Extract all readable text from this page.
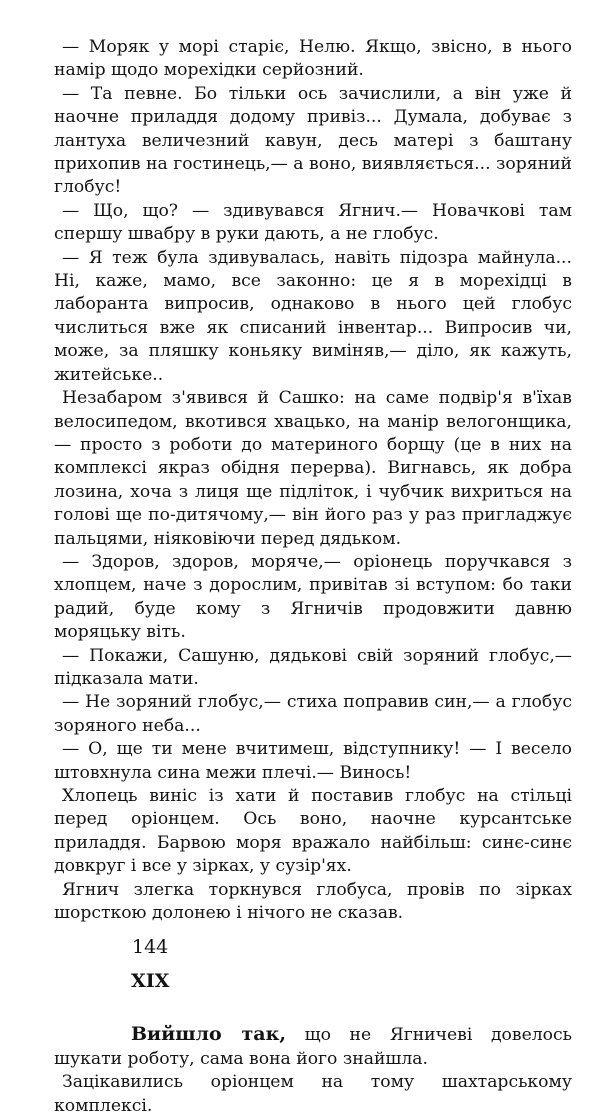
— Моряк у морі старіє, Нелю. Якщо, звісно, в нього намір щодо морехідки серйозний.

— Та певне. Бо тільки ось зачислили, а він уже й наочне приладдя додому привіз... Думала, добуває з лантуха величезний кавун, десь матері з баштану прихопив на гостинець,— а воно, виявляється... зоряний глобус!

— Що, що? — здивувався Ягнич.— Новачкові там спершу швабру в руки дають, а не глобус.

— Я теж була здивувалась, навіть підозра майнула... Ні, каже, мамо, все законно: це я в морехідці в лаборанта випросив, однаково в нього цей глобус числиться вже як списаний інвентар... Випросив чи, може, за пляшку коньяку виміняв,— діло, як кажуть, житейське..

Незабаром з'явився й Сашко: на саме подвір'я в'їхав велосипедом, вкотився хвацько, на манір велогонщика,— просто з роботи до материного борщу (це в них на комплексі якраз обідня перерва). Вигнавсь, як добра лозина, хоча з лиця ще підліток, і чубчик вихриться на голові ще по-дитячому,— він його раз у раз пригладжує пальцями, ніяковіючи перед дядьком.

— Здоров, здоров, моряче,— оріонець поручкався з хлопцем, наче з дорослим, привітав зі вступом: бо таки радий, буде кому з Ягничів продовжити давню моряцьку віть.

— Покажи, Сашуню, дядькові свій зоряний глобус,— підказала мати.

— Не зоряний глобус,— стиха поправив син,— а глобус зоряного неба...

— О, ще ти мене вчитимеш, відступнику! — І весело штовхнула сина межи плечі.— Винось!

Хлопець виніс із хати й поставив глобус на стільці перед оріонцем. Ось воно, наочне курсантське приладдя. Барвою моря вражало найбільш: синє-синє довкруг і все у зірках, у сузір'ях.

Ягнич злегка торкнувся глобуса, провів по зірках шорсткою долонею і нічого не сказав.

XIX

Вийшло так, що не Ягничеві довелось шукати роботу, сама вона його знайшла.

Зацікавились оріонцем на тому шахтарському комплексі.

144
